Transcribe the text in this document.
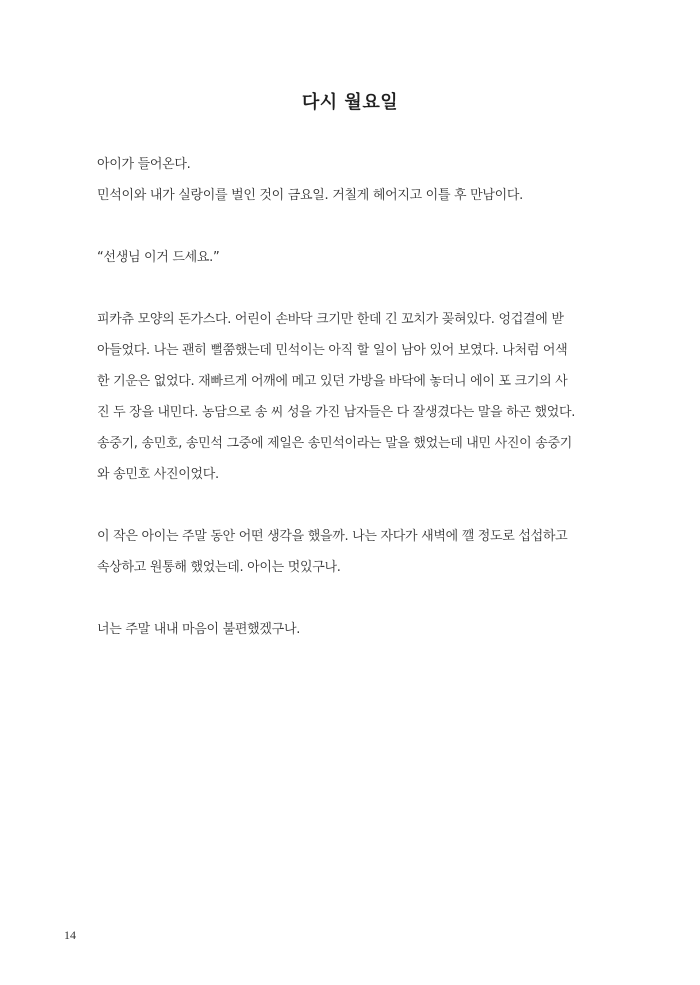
다시 월요일

아이가 들어온다.
민석이와 내가 실랑이를 벌인 것이 금요일. 거칠게 헤어지고 이틀 후 만남이다.

“선생님 이거 드세요.”

피카츄 모양의 돈가스다. 어린이 손바닥 크기만 한데 긴 꼬치가 꽂혀있다. 엉겁결에 받
아들었다. 나는 괜히 뻘쭘했는데 민석이는 아직 할 일이 남아 있어 보였다. 나처럼 어색
한 기운은 없었다. 재빠르게 어깨에 메고 있던 가방을 바닥에 놓더니 에이 포 크기의 사
진 두 장을 내민다. 농담으로 송 씨 성을 가진 남자들은 다 잘생겼다는 말을 하곤 했었다.
송중기, 송민호, 송민석 그중에 제일은 송민석이라는 말을 했었는데 내민 사진이 송중기
와 송민호 사진이었다.

이 작은 아이는 주말 동안 어떤 생각을 했을까. 나는 자다가 새벽에 깰 정도로 섭섭하고
속상하고 원통해 했었는데. 아이는 멋있구나.

너는 주말 내내 마음이 불편했겠구나.

14
